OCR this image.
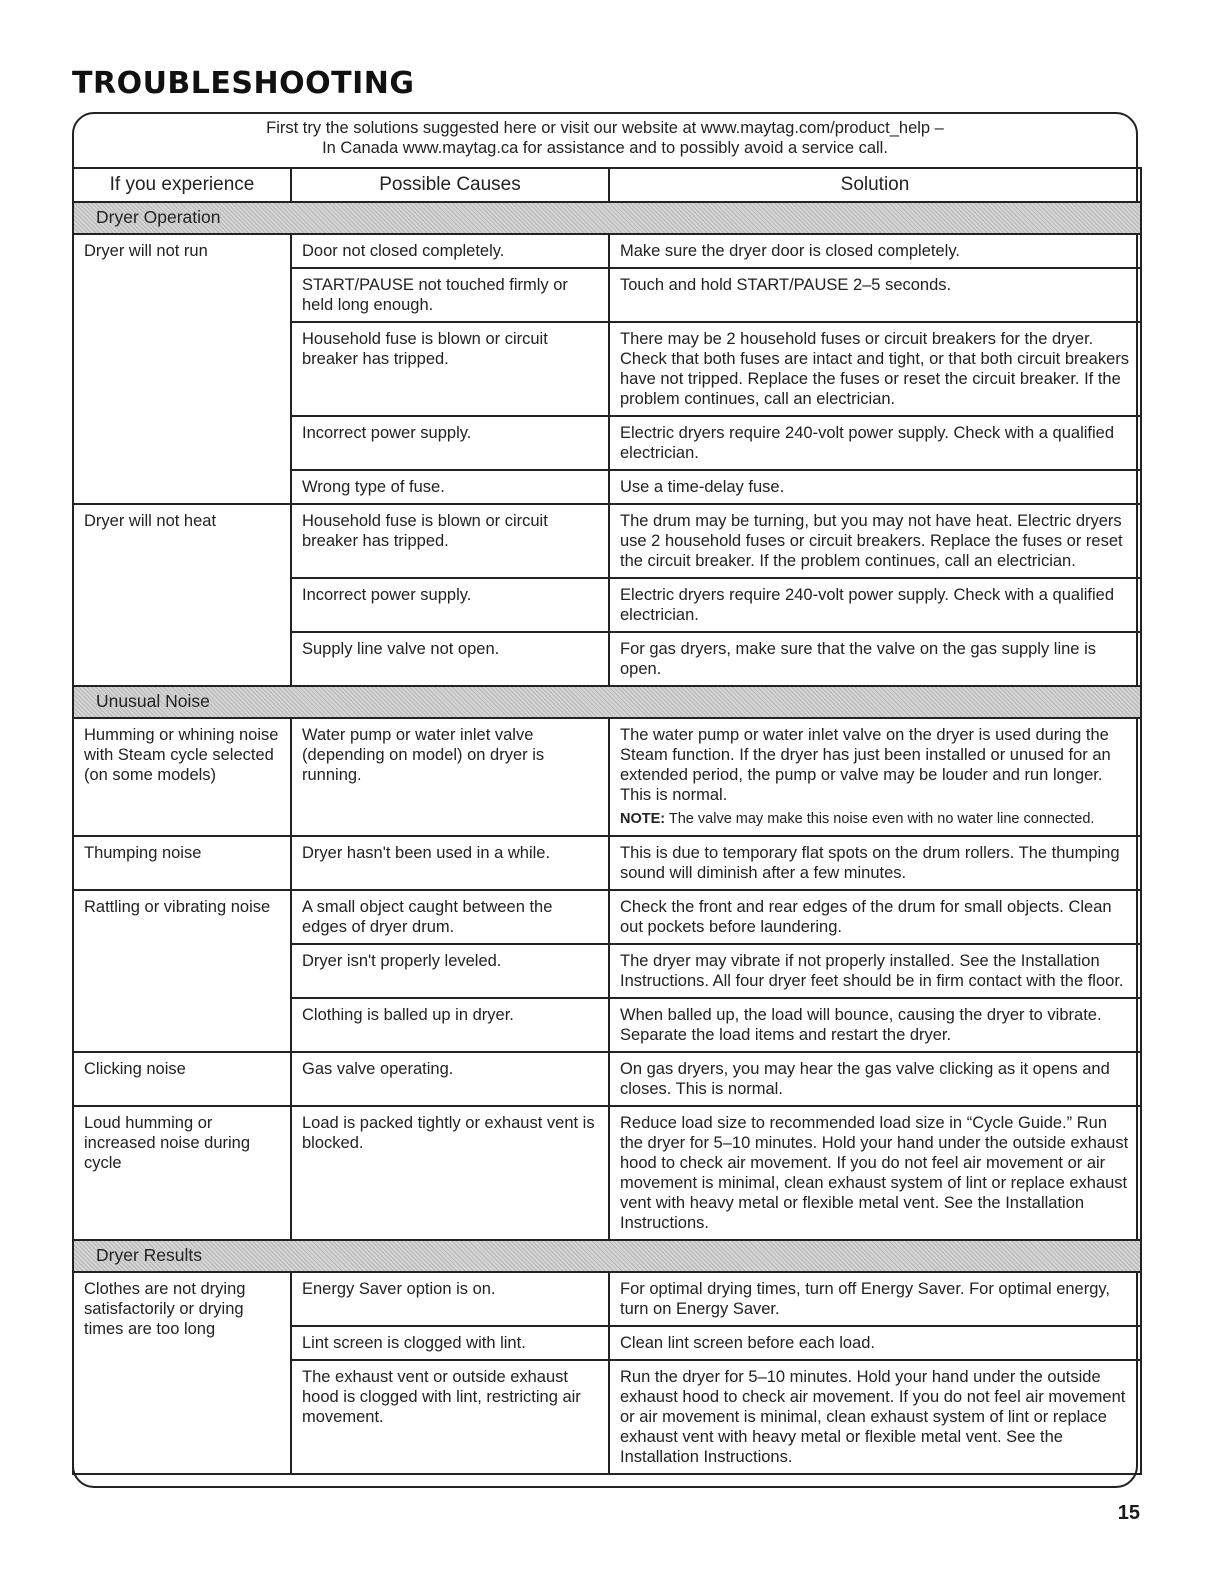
TROUBLESHOOTING
First try the solutions suggested here or visit our website at www.maytag.com/product_help –
In Canada www.maytag.ca for assistance and to possibly avoid a service call.
If you experience	Possible Causes	Solution
Dryer Operation		
Dryer will not run	Door not closed completely.	Make sure the dryer door is closed completely.
	START/PAUSE not touched firmly or held long enough.	Touch and hold START/PAUSE 2–5 seconds.
	Household fuse is blown or circuit breaker has tripped.	There may be 2 household fuses or circuit breakers for the dryer. Check that both fuses are intact and tight, or that both circuit breakers have not tripped. Replace the fuses or reset the circuit breaker. If the problem continues, call an electrician.
	Incorrect power supply.	Electric dryers require 240-volt power supply. Check with a qualified electrician.
	Wrong type of fuse.	Use a time-delay fuse.
Dryer will not heat	Household fuse is blown or circuit breaker has tripped.	The drum may be turning, but you may not have heat. Electric dryers use 2 household fuses or circuit breakers. Replace the fuses or reset the circuit breaker. If the problem continues, call an electrician.
	Incorrect power supply.	Electric dryers require 240-volt power supply. Check with a qualified electrician.
	Supply line valve not open.	For gas dryers, make sure that the valve on the gas supply line is open.
Unusual Noise		
Humming or whining noise with Steam cycle selected (on some models)	Water pump or water inlet valve (depending on model) on dryer is running.	The water pump or water inlet valve on the dryer is used during the Steam function. If the dryer has just been installed or unused for an extended period, the pump or valve may be louder and run longer. This is normal.
NOTE: The valve may make this noise even with no water line connected.

Thumping noise	Dryer hasn't been used in a while.	This is due to temporary flat spots on the drum rollers. The thumping sound will diminish after a few minutes.
Rattling or vibrating noise	A small object caught between the edges of dryer drum.	Check the front and rear edges of the drum for small objects. Clean out pockets before laundering.
	Dryer isn't properly leveled.	The dryer may vibrate if not properly installed. See the Installation Instructions. All four dryer feet should be in firm contact with the floor.
	Clothing is balled up in dryer.	When balled up, the load will bounce, causing the dryer to vibrate. Separate the load items and restart the dryer.
Clicking noise	Gas valve operating.	On gas dryers, you may hear the gas valve clicking as it opens and closes. This is normal.
Loud humming or increased noise during cycle	Load is packed tightly or exhaust vent is blocked.	Reduce load size to recommended load size in “Cycle Guide.” Run the dryer for 5–10 minutes. Hold your hand under the outside exhaust hood to check air movement. If you do not feel air movement or air movement is minimal, clean exhaust system of lint or replace exhaust vent with heavy metal or flexible metal vent. See the Installation Instructions.
Dryer Results		
Clothes are not drying satisfactorily or drying times are too long	Energy Saver option is on.	For optimal drying times, turn off Energy Saver. For optimal energy, turn on Energy Saver.
	Lint screen is clogged with lint.	Clean lint screen before each load.
	The exhaust vent or outside exhaust hood is clogged with lint, restricting air movement.	Run the dryer for 5–10 minutes. Hold your hand under the outside exhaust hood to check air movement. If you do not feel air movement or air movement is minimal, clean exhaust system of lint or replace exhaust vent with heavy metal or flexible metal vent. See the Installation Instructions.
15
